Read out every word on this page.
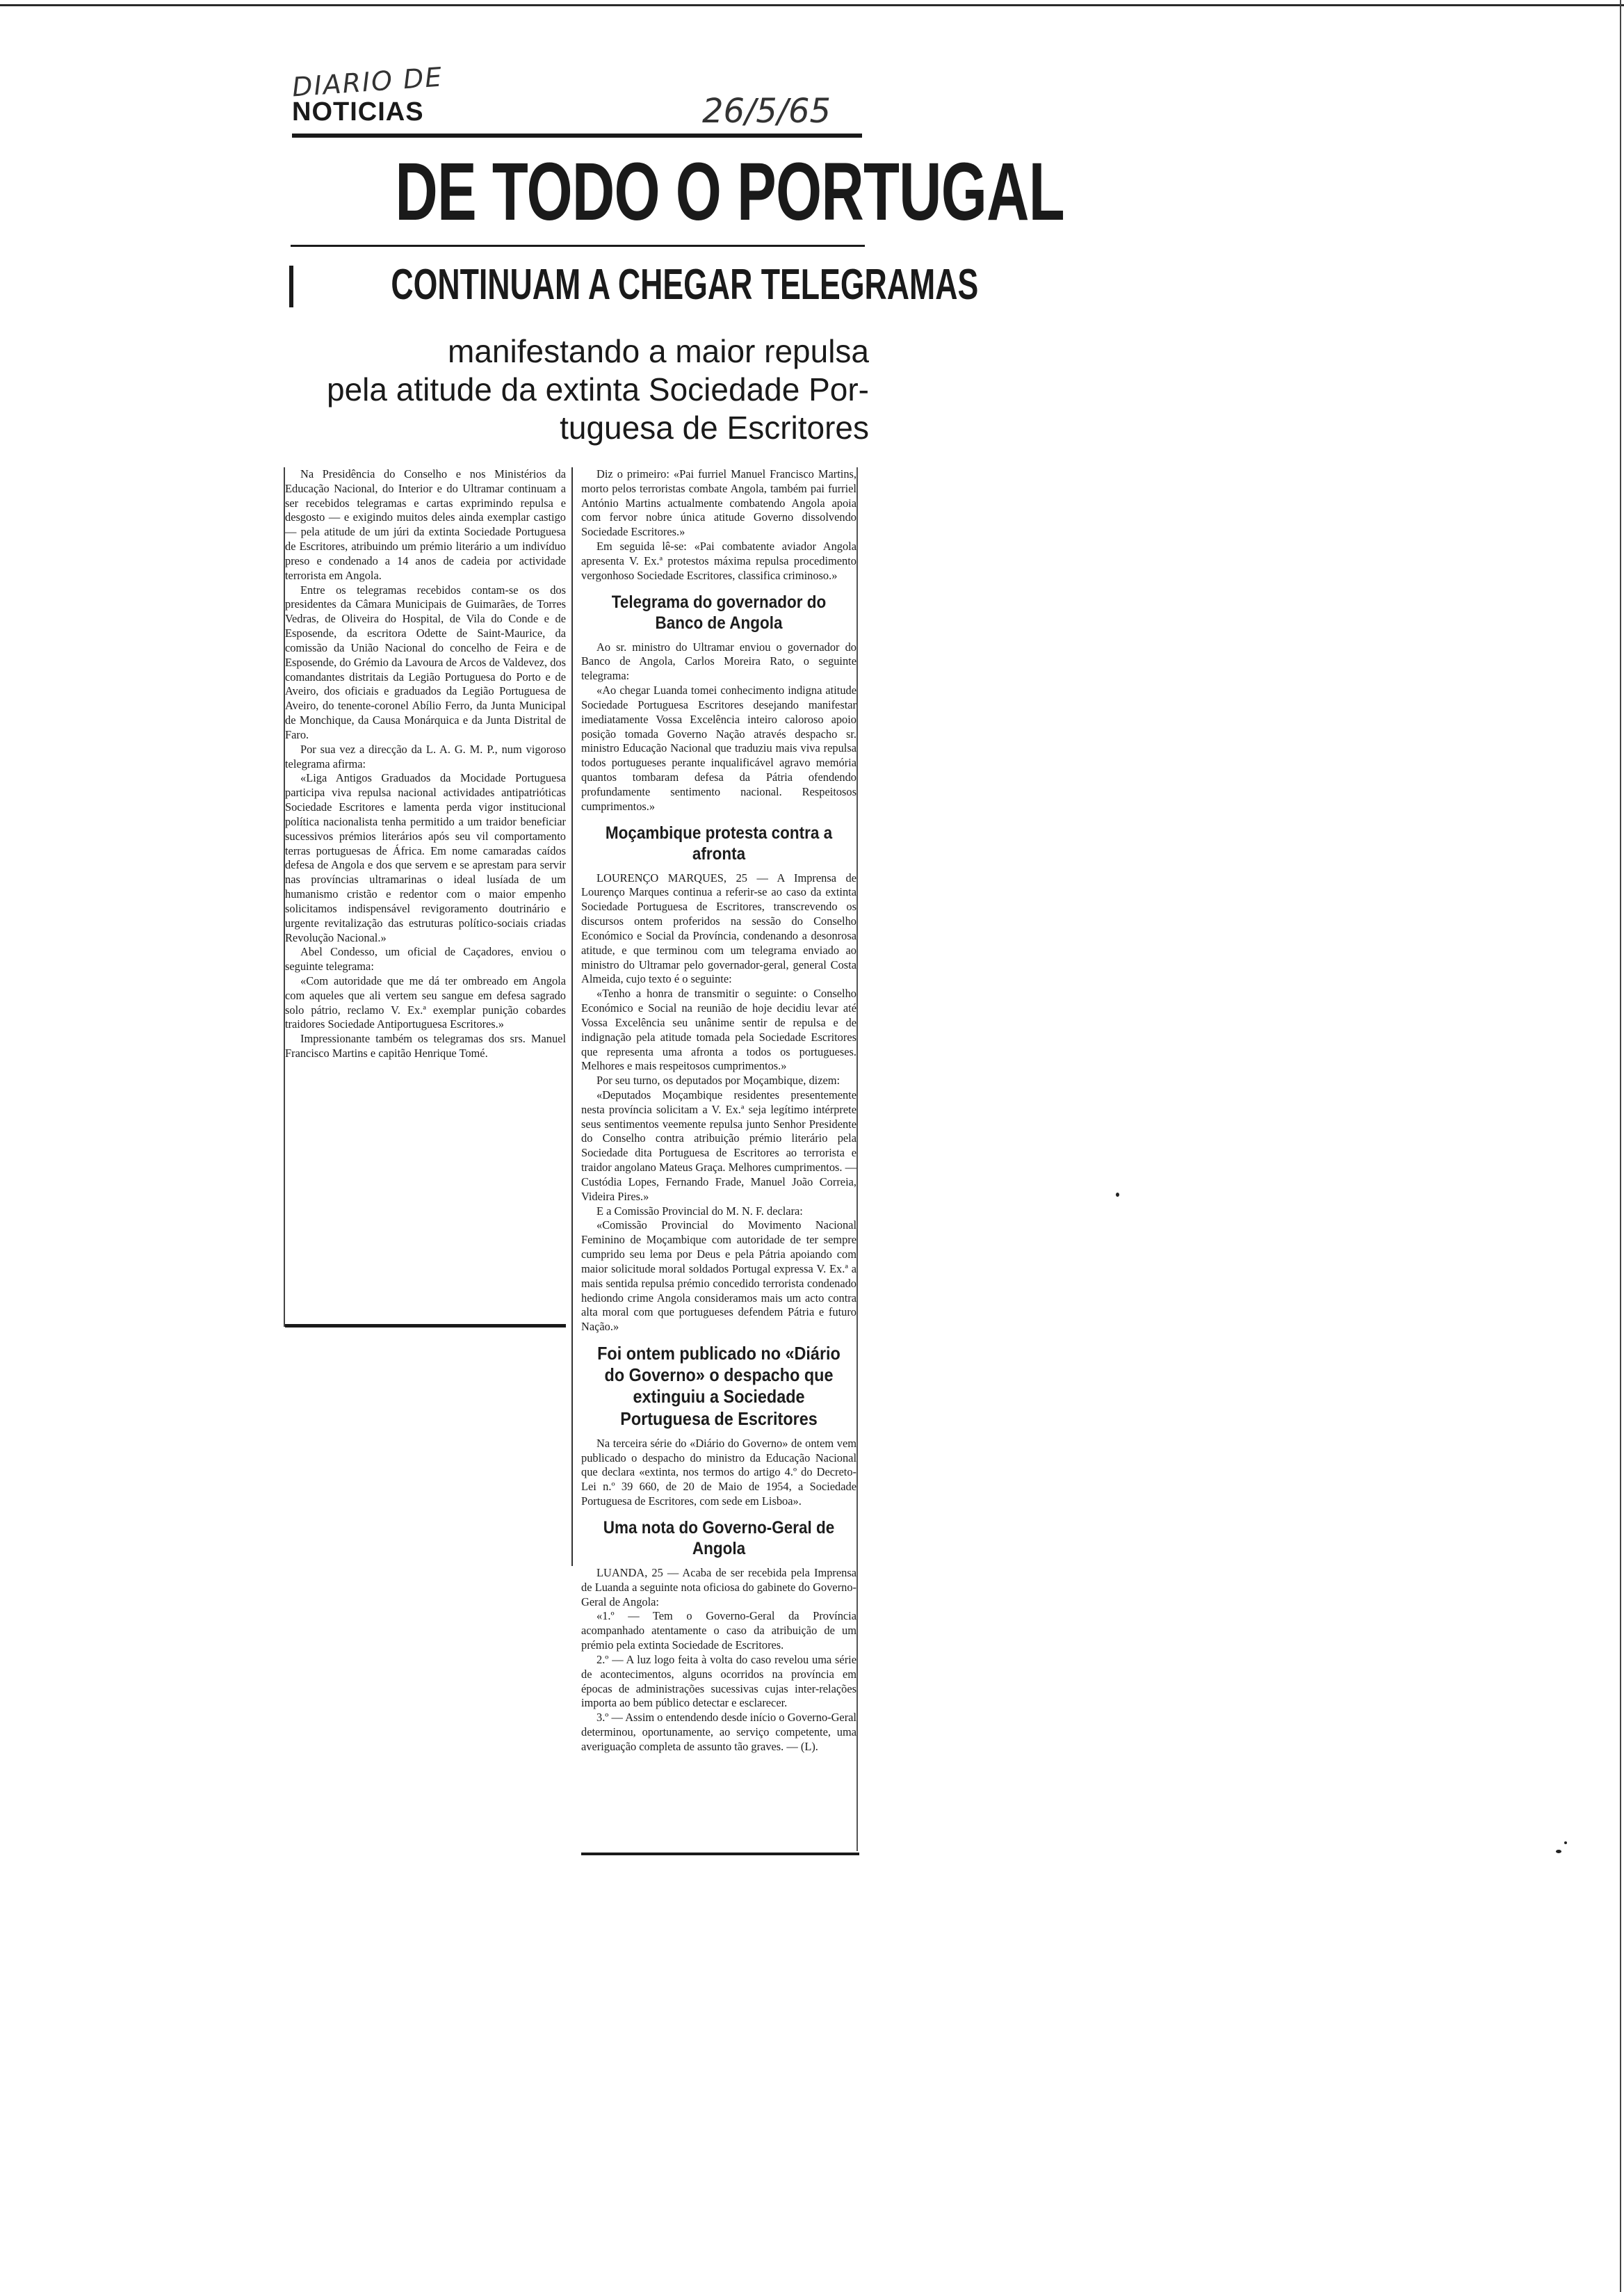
DIARIO DE
NOTICIAS	26/5/65
DE TODO O PORTUGAL
CONTINUAM A CHEGAR TELEGRAMAS
manifestando a maior repulsa
pela atitude da extinta Sociedade Por-
tuguesa de Escritores

Na Presidência do Conselho e nos Ministérios da Educação Nacional, do Interior e do Ultramar continuam a ser recebidos telegramas e cartas exprimindo repulsa e desgosto — e exigindo muitos deles ainda exemplar castigo — pela atitude de um júri da extinta Sociedade Portuguesa de Escritores, atribuindo um prémio literário a um indivíduo preso e condenado a 14 anos de cadeia por actividade terrorista em Angola.

Entre os telegramas recebidos contam-se os dos presidentes da Câmara Municipais de Guimarães, de Torres Vedras, de Oliveira do Hospital, de Vila do Conde e de Esposende, da escritora Odette de Saint-Maurice, da comissão da União Nacional do concelho de Feira e de Esposende, do Grémio da Lavoura de Arcos de Valdevez, dos comandantes distritais da Legião Portuguesa do Porto e de Aveiro, dos oficiais e graduados da Legião Portuguesa de Aveiro, do tenente-coronel Abílio Ferro, da Junta Municipal de Monchique, da Causa Monárquica e da Junta Distrital de Faro.

Por sua vez a direcção da L. A. G. M. P., num vigoroso telegrama afirma:

«Liga Antigos Graduados da Mocidade Portuguesa participa viva repulsa nacional actividades antipatrióticas Sociedade Escritores e lamenta perda vigor institucional política nacionalista tenha permitido a um traidor beneficiar sucessivos prémios literários após seu vil comportamento terras portuguesas de África. Em nome camaradas caídos defesa de Angola e dos que servem e se aprestam para servir nas províncias ultramarinas o ideal lusíada de um humanismo cristão e redentor com o maior empenho solicitamos indispensável revigoramento doutrinário e urgente revitalização das estruturas político-sociais criadas Revolução Nacional.»

Abel Condesso, um oficial de Caçadores, enviou o seguinte telegrama:

«Com autoridade que me dá ter ombreado em Angola com aqueles que ali vertem seu sangue em defesa sagrado solo pátrio, reclamo V. Ex.ª exemplar punição cobardes traidores Sociedade Antiportuguesa Escritores.»

Impressionante também os telegramas dos srs. Manuel Francisco Martins e capitão Henrique Tomé.

Diz o primeiro: «Pai furriel Manuel Francisco Martins, morto pelos terroristas combate Angola, também pai furriel António Martins actualmente combatendo Angola apoia com fervor nobre única atitude Governo dissolvendo Sociedade Escritores.»

Em seguida lê-se: «Pai combatente aviador Angola apresenta V. Ex.ª protestos máxima repulsa procedimento vergonhoso Sociedade Escritores, classifica criminoso.»

Telegrama do governador do Banco de Angola

Ao sr. ministro do Ultramar enviou o governador do Banco de Angola, Carlos Moreira Rato, o seguinte telegrama:

«Ao chegar Luanda tomei conhecimento indigna atitude Sociedade Portuguesa Escritores desejando manifestar imediatamente Vossa Excelência inteiro caloroso apoio posição tomada Governo Nação através despacho sr. ministro Educação Nacional que traduziu mais viva repulsa todos portugueses perante inqualificável agravo memória quantos tombaram defesa da Pátria ofendendo profundamente sentimento nacional. Respeitosos cumprimentos.»

Moçambique protesta contra a afronta

LOURENÇO MARQUES, 25 — A Imprensa de Lourenço Marques continua a referir-se ao caso da extinta Sociedade Portuguesa de Escritores, transcrevendo os discursos ontem proferidos na sessão do Conselho Económico e Social da Província, condenando a desonrosa atitude, e que terminou com um telegrama enviado ao ministro do Ultramar pelo governador-geral, general Costa Almeida, cujo texto é o seguinte:

«Tenho a honra de transmitir o seguinte: o Conselho Económico e Social na reunião de hoje decidiu levar até Vossa Excelência seu unânime sentir de repulsa e de indignação pela atitude tomada pela Sociedade Escritores que representa uma afronta a todos os portugueses. Melhores e mais respeitosos cumprimentos.»

Por seu turno, os deputados por Moçambique, dizem:

«Deputados Moçambique residentes presentemente nesta província solicitam a V. Ex.ª seja legítimo intérprete seus sentimentos veemente repulsa junto Senhor Presidente do Conselho contra atribuição prémio literário pela Sociedade dita Portuguesa de Escritores ao terrorista e traidor angolano Mateus Graça. Melhores cumprimentos. — Custódia Lopes, Fernando Frade, Manuel João Correia, Videira Pires.»

E a Comissão Provincial do M. N. F. declara:

«Comissão Provincial do Movimento Nacional Feminino de Moçambique com autoridade de ter sempre cumprido seu lema por Deus e pela Pátria apoiando com maior solicitude moral soldados Portugal expressa V. Ex.ª a mais sentida repulsa prémio concedido terrorista condenado hediondo crime Angola consideramos mais um acto contra alta moral com que portugueses defendem Pátria e futuro Nação.»

Foi ontem publicado no «Diário do Governo» o despacho que extinguiu a Sociedade Portuguesa de Escritores

Na terceira série do «Diário do Governo» de ontem vem publicado o despacho do ministro da Educação Nacional que declara «extinta, nos termos do artigo 4.º do Decreto-Lei n.º 39 660, de 20 de Maio de 1954, a Sociedade Portuguesa de Escritores, com sede em Lisboa».

Uma nota do Governo-Geral de Angola

LUANDA, 25 — Acaba de ser recebida pela Imprensa de Luanda a seguinte nota oficiosa do gabinete do Governo-Geral de Angola:

«1.º — Tem o Governo-Geral da Província acompanhado atentamente o caso da atribuição de um prémio pela extinta Sociedade de Escritores.

2.º — A luz logo feita à volta do caso revelou uma série de acontecimentos, alguns ocorridos na província em épocas de administrações sucessivas cujas inter-relações importa ao bem público detectar e esclarecer.

3.º — Assim o entendendo desde início o Governo-Geral determinou, oportunamente, ao serviço competente, uma averiguação completa de assunto tão graves. — (L).
